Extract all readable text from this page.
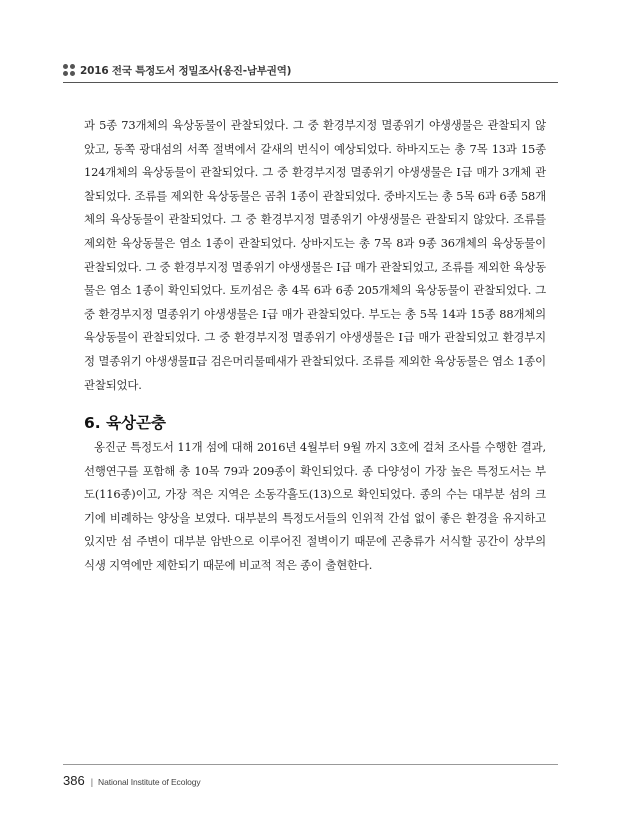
2016 전국 특정도서 정밀조사(옹진-남부권역)

과 5종 73개체의 육상동물이 관찰되었다. 그 중 환경부지정 멸종위기 야생생물은 관찰되지 않았고, 동쪽 광대섬의 서쪽 절벽에서 갈새의 번식이 예상되었다. 하바지도는 총 7목 13과 15종 124개체의 육상동물이 관찰되었다. 그 중 환경부지정 멸종위기 야생생물은 Ⅰ급 매가 3개체 관찰되었다. 조류를 제외한 육상동물은 곰취 1종이 관찰되었다. 중바지도는 총 5목 6과 6종 58개체의 육상동물이 관찰되었다. 그 중 환경부지정 멸종위기 야생생물은 관찰되지 않았다. 조류를 제외한 육상동물은 염소 1종이 관찰되었다. 상바지도는 총 7목 8과 9종 36개체의 육상동물이 관찰되었다. 그 중 환경부지정 멸종위기 야생생물은 Ⅰ급 매가 관찰되었고, 조류를 제외한 육상동물은 염소 1종이 확인되었다. 토끼섬은 총 4목 6과 6종 205개체의 육상동물이 관찰되었다. 그 중 환경부지정 멸종위기 야생생물은 Ⅰ급 매가 관찰되었다. 부도는 총 5목 14과 15종 88개체의 육상동물이 관찰되었다. 그 중 환경부지정 멸종위기 야생생물은 Ⅰ급 매가 관찰되었고 환경부지정 멸종위기 야생생물Ⅱ급 검은머리물떼새가 관찰되었다. 조류를 제외한 육상동물은 염소 1종이 관찰되었다.

6. 육상곤충

옹진군 특정도서 11개 섬에 대해 2016년 4월부터 9월 까지 3호에 걸쳐 조사를 수행한 결과, 선행연구를 포함해 총 10목 79과 209종이 확인되었다. 종 다양성이 가장 높은 특정도서는 부도(116종)이고, 가장 적은 지역은 소동각흘도(13)으로 확인되었다. 종의 수는 대부분 섬의 크기에 비례하는 양상을 보였다. 대부분의 특정도서들의 인위적 간섭 없이 좋은 환경을 유지하고 있지만 섬 주변이 대부분 암반으로 이루어진 절벽이기 때문에 곤충류가 서식할 공간이 상부의 식생 지역에만 제한되기 때문에 비교적 적은 종이 출현한다.

386 | National Institute of Ecology
